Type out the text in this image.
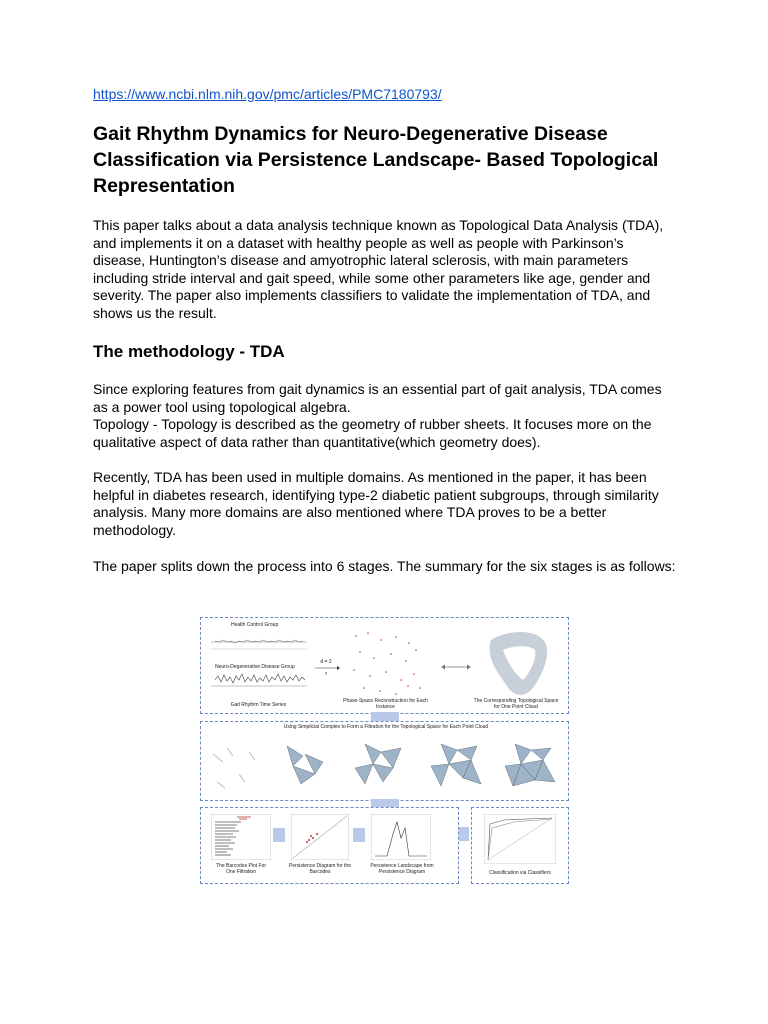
https://www.ncbi.nlm.nih.gov/pmc/articles/PMC7180793/
Gait Rhythm Dynamics for Neuro-Degenerative Disease Classification via Persistence Landscape- Based Topological Representation

This paper talks about a data analysis technique known as Topological Data Analysis (TDA), and implements it on a dataset with healthy people as well as people with Parkinson’s disease, Huntington’s disease and amyotrophic lateral sclerosis, with main parameters including stride interval and gait speed, while some other parameters like age, gender and severity. The paper also implements classifiers to validate the implementation of TDA, and shows us the result.

The methodology - TDA

Since exploring features from gait dynamics is an essential part of gait analysis, TDA comes as a power tool using topological algebra.
Topology - Topology is described as the geometry of rubber sheets. It focuses more on the qualitative aspect of data rather than quantitative(which geometry does).

Recently, TDA has been used in multiple domains. As mentioned in the paper, it has been helpful in diabetes research, identifying type-2 diabetic patient subgroups, through similarity analysis. Many more domains are also mentioned where TDA proves to be a better methodology.

The paper splits down the process into 6 stages. The summary for the six stages is as follows:

Health Control Group
Neuro-Degenerative Disease Group
Gait Rhythm Time Series
d = 2
τ
Phase-Space Reconstruction for Each Instance
The Corresponding Topological Space for One Point Cloud
Using Simplicial Complex to Form a Filtration for the Topological Space for Each Point Cloud
The Barcodes Plot For One Filtration
Persistence Diagram for the Barcodes
Persistence Landscape from Persistence Diagram	Classification via Classifiers
